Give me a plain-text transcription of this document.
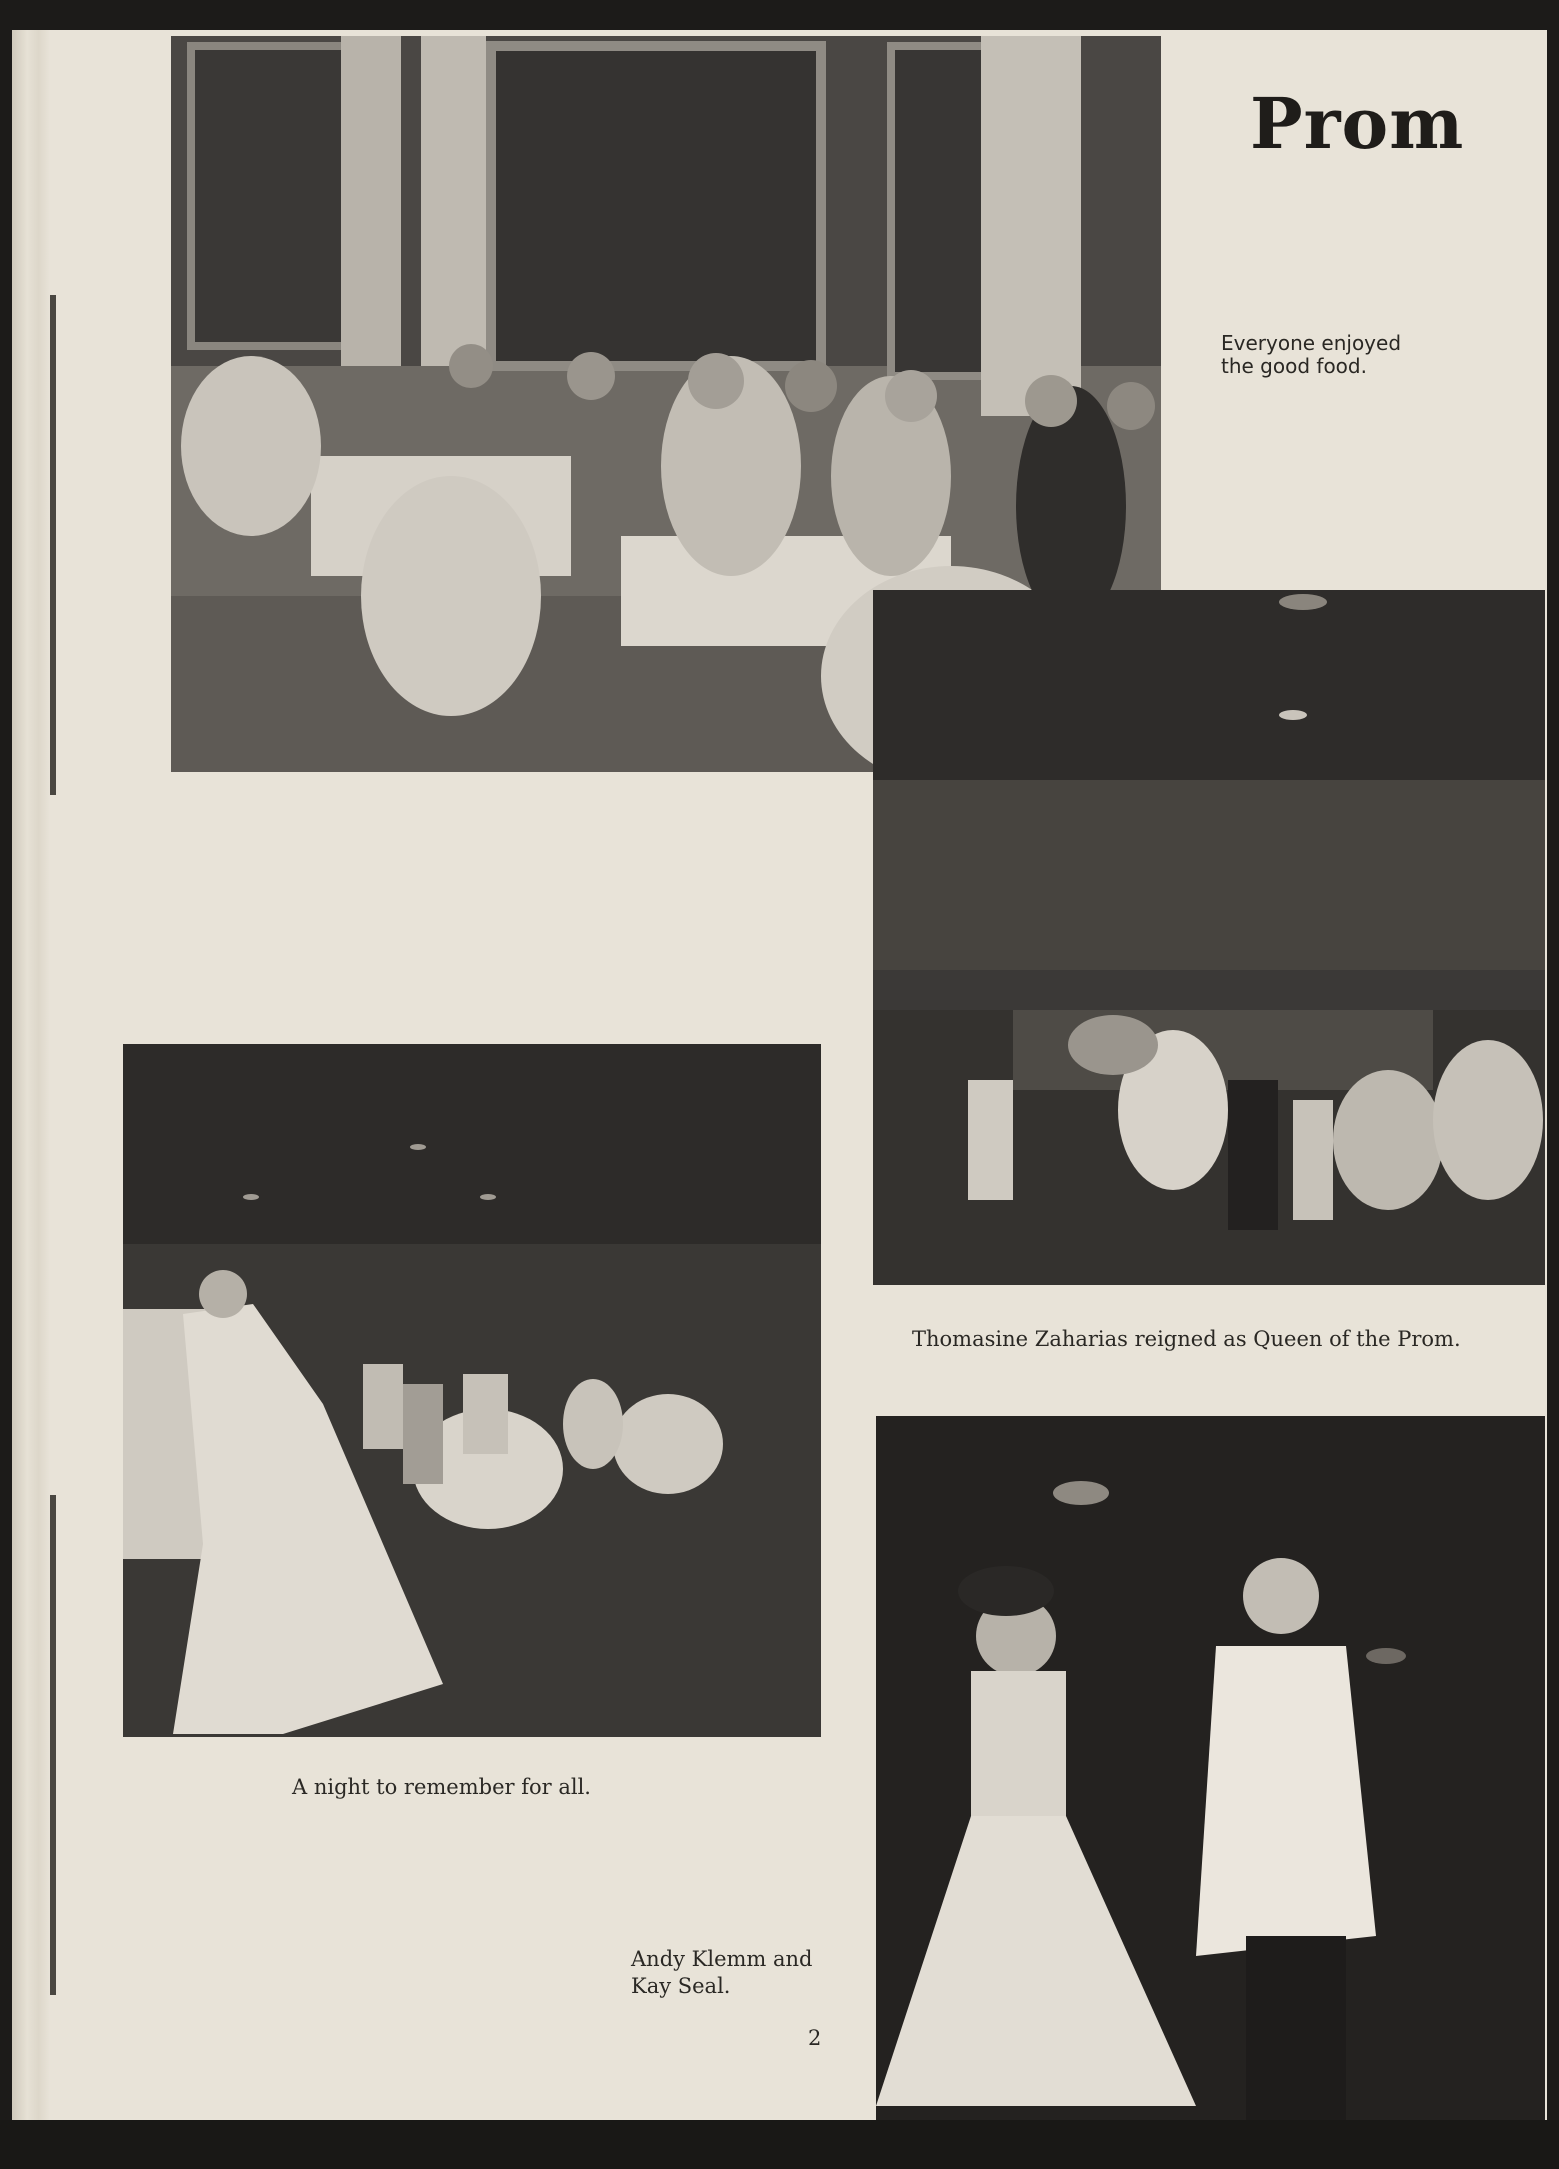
Prom
Everyone enjoyed
the good food.
Thomasine Zaharias reigned as Queen of the Prom.
A night to remember for all.
Andy Klemm and
Kay Seal.
2
